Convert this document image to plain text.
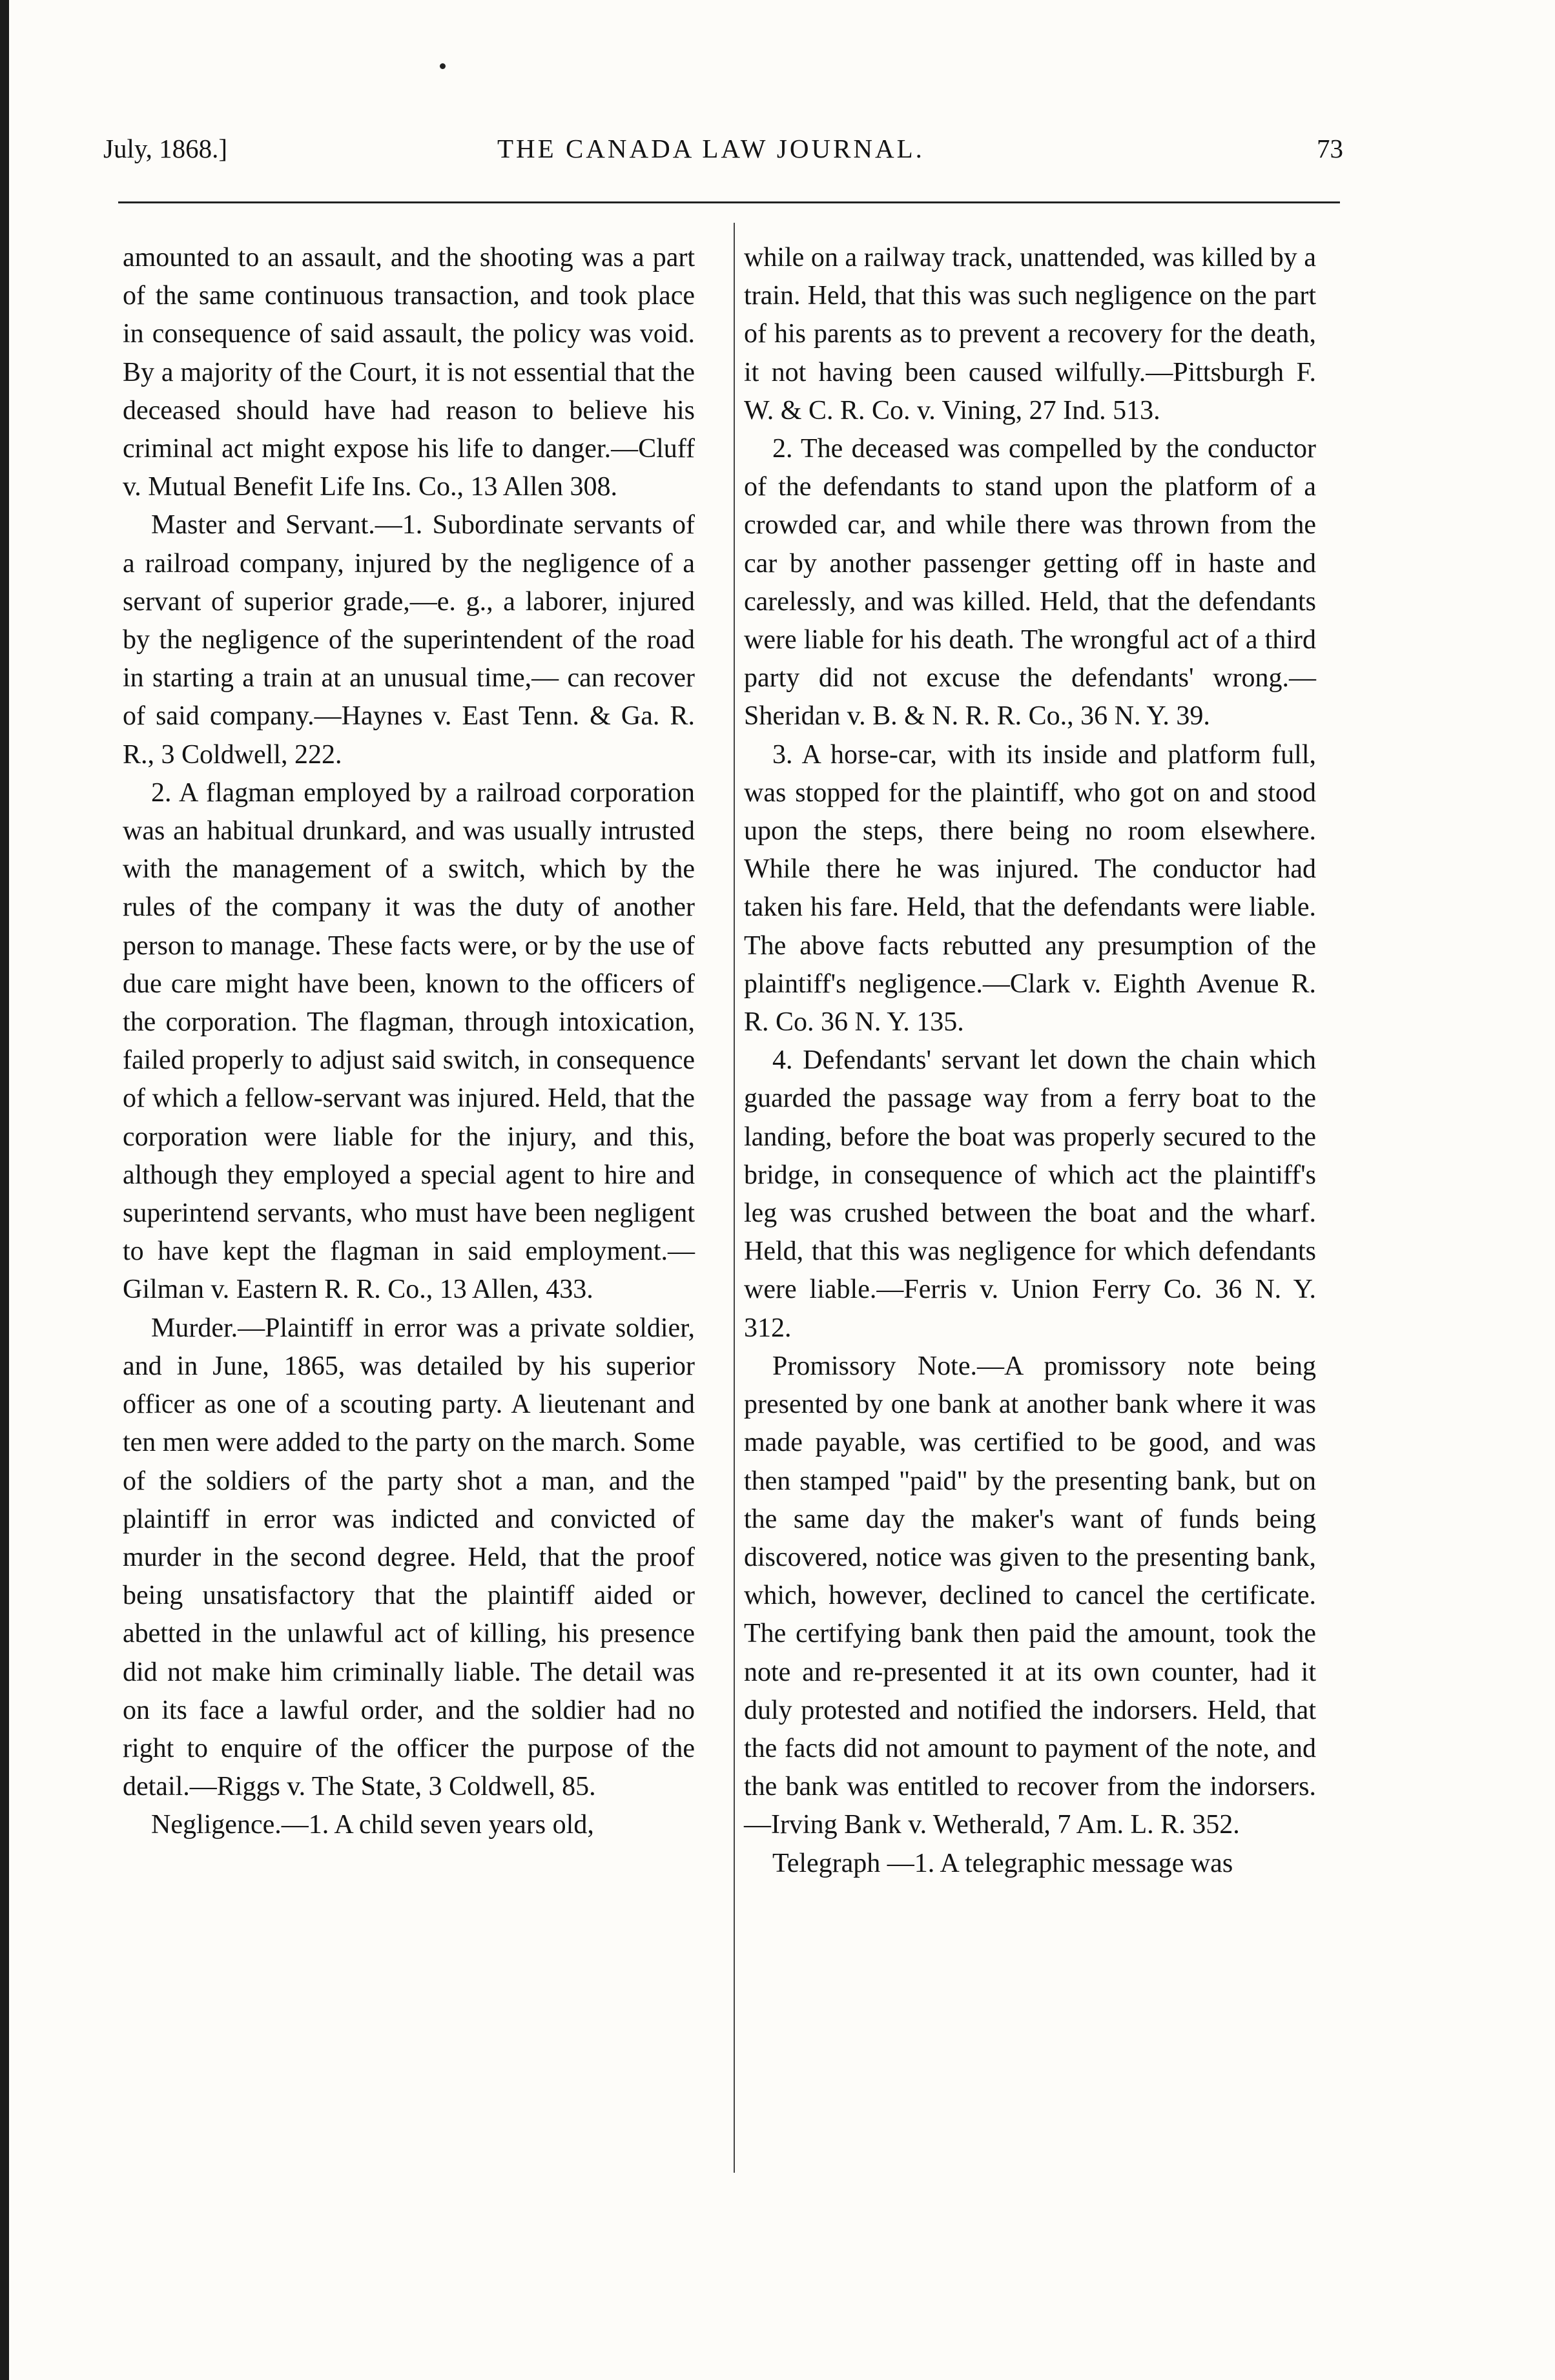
July, 1868.]	THE CANADA LAW JOURNAL.	73

amounted to an assault, and the shooting was a part of the same continuous transaction, and took place in consequence of said assault, the policy was void. By a majority of the Court, it is not essential that the deceased should have had reason to believe his criminal act might expose his life to danger.—Cluff v. Mutual Benefit Life Ins. Co., 13 Allen 308.

Master and Servant.—1. Subordinate servants of a railroad company, injured by the negligence of a servant of superior grade,—e. g., a laborer, injured by the negligence of the superintendent of the road in starting a train at an unusual time,— can recover of said company.—Haynes v. East Tenn. & Ga. R. R., 3 Coldwell, 222.

2. A flagman employed by a railroad corporation was an habitual drunkard, and was usually intrusted with the management of a switch, which by the rules of the company it was the duty of another person to manage. These facts were, or by the use of due care might have been, known to the officers of the corporation. The flagman, through intoxication, failed properly to adjust said switch, in consequence of which a fellow-servant was injured. Held, that the corporation were liable for the injury, and this, although they employed a special agent to hire and superintend servants, who must have been negligent to have kept the flagman in said employment.—Gilman v. Eastern R. R. Co., 13 Allen, 433.

Murder.—Plaintiff in error was a private soldier, and in June, 1865, was detailed by his superior officer as one of a scouting party. A lieutenant and ten men were added to the party on the march. Some of the soldiers of the party shot a man, and the plaintiff in error was indicted and convicted of murder in the second degree. Held, that the proof being unsatisfactory that the plaintiff aided or abetted in the unlawful act of killing, his presence did not make him criminally liable. The detail was on its face a lawful order, and the soldier had no right to enquire of the officer the purpose of the detail.—Riggs v. The State, 3 Coldwell, 85.

Negligence.—1. A child seven years old,

while on a railway track, unattended, was killed by a train. Held, that this was such negligence on the part of his parents as to prevent a recovery for the death, it not having been caused wilfully.—Pittsburgh F. W. & C. R. Co. v. Vining, 27 Ind. 513.

2. The deceased was compelled by the conductor of the defendants to stand upon the platform of a crowded car, and while there was thrown from the car by another passenger getting off in haste and carelessly, and was killed. Held, that the defendants were liable for his death. The wrongful act of a third party did not excuse the defendants' wrong.—Sheridan v. B. & N. R. R. Co., 36 N. Y. 39.

3. A horse-car, with its inside and platform full, was stopped for the plaintiff, who got on and stood upon the steps, there being no room elsewhere. While there he was injured. The conductor had taken his fare. Held, that the defendants were liable. The above facts rebutted any presumption of the plaintiff's negligence.—Clark v. Eighth Avenue R. R. Co. 36 N. Y. 135.

4. Defendants' servant let down the chain which guarded the passage way from a ferry boat to the landing, before the boat was properly secured to the bridge, in consequence of which act the plaintiff's leg was crushed between the boat and the wharf. Held, that this was negligence for which defendants were liable.—Ferris v. Union Ferry Co. 36 N. Y. 312.

Promissory Note.—A promissory note being presented by one bank at another bank where it was made payable, was certified to be good, and was then stamped "paid" by the presenting bank, but on the same day the maker's want of funds being discovered, notice was given to the presenting bank, which, however, declined to cancel the certificate. The certifying bank then paid the amount, took the note and re-presented it at its own counter, had it duly protested and notified the indorsers. Held, that the facts did not amount to payment of the note, and the bank was entitled to recover from the indorsers.—Irving Bank v. Wetherald, 7 Am. L. R. 352.

Telegraph —1. A telegraphic message was
